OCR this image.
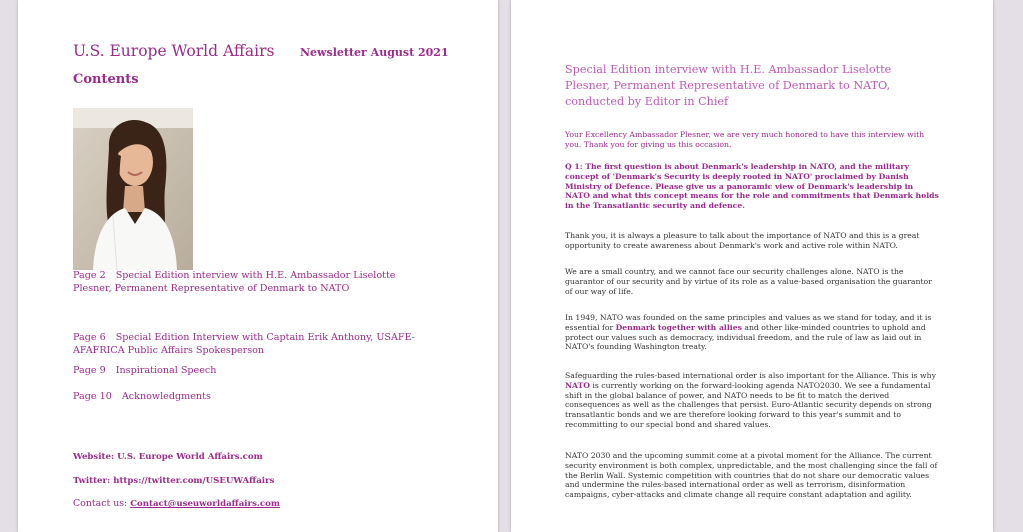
U.S. Europe World Affairs Newsletter August 2021
Contents
Page 2 Special Edition interview with H.E. Ambassador Liselotte Plesner, Permanent Representative of Denmark to NATO
Page 6 Special Edition Interview with Captain Erik Anthony, USAFE-AFAFRICA Public Affairs Spokesperson
Page 9 Inspirational Speech
Page 10 Acknowledgments
Website: U.S. Europe World Affairs.com
Twitter: https://twitter.com/USEUWAffairs
Contact us: Contact@useuworldaffairs.com
Special Edition interview with H.E. Ambassador Liselotte Plesner, Permanent Representative of Denmark to NATO, conducted by Editor in Chief
Your Excellency Ambassador Plesner, we are very much honored to have this interview with you. Thank you for giving us this occasion.
Q 1: The first question is about Denmark's leadership in NATO, and the military concept of 'Denmark's Security is deeply rooted in NATO' proclaimed by Danish Ministry of Defence. Please give us a panoramic view of Denmark's leadership in NATO and what this concept means for the role and commitments that Denmark holds in the Transatlantic security and defence.
Thank you, it is always a pleasure to talk about the importance of NATO and this is a great opportunity to create awareness about Denmark's work and active role within NATO.
We are a small country, and we cannot face our security challenges alone. NATO is the guarantor of our security and by virtue of its role as a value-based organisation the guarantor of our way of life.
In 1949, NATO was founded on the same principles and values as we stand for today, and it is essential for Denmark together with allies and other like-minded countries to uphold and protect our values such as democracy, individual freedom, and the rule of law as laid out in NATO's founding Washington treaty.
Safeguarding the rules-based international order is also important for the Alliance. This is why NATO is currently working on the forward-looking agenda NATO2030. We see a fundamental shift in the global balance of power, and NATO needs to be fit to match the derived consequences as well as the challenges that persist. Euro-Atlantic security depends on strong transatlantic bonds and we are therefore looking forward to this year's summit and to recommitting to our special bond and shared values.
NATO 2030 and the upcoming summit come at a pivotal moment for the Alliance. The current security environment is both complex, unpredictable, and the most challenging since the fall of the Berlin Wall. Systemic competition with countries that do not share our democratic values and undermine the rules-based international order as well as terrorism, disinformation campaigns, cyber-attacks and climate change all require constant adaptation and agility.
